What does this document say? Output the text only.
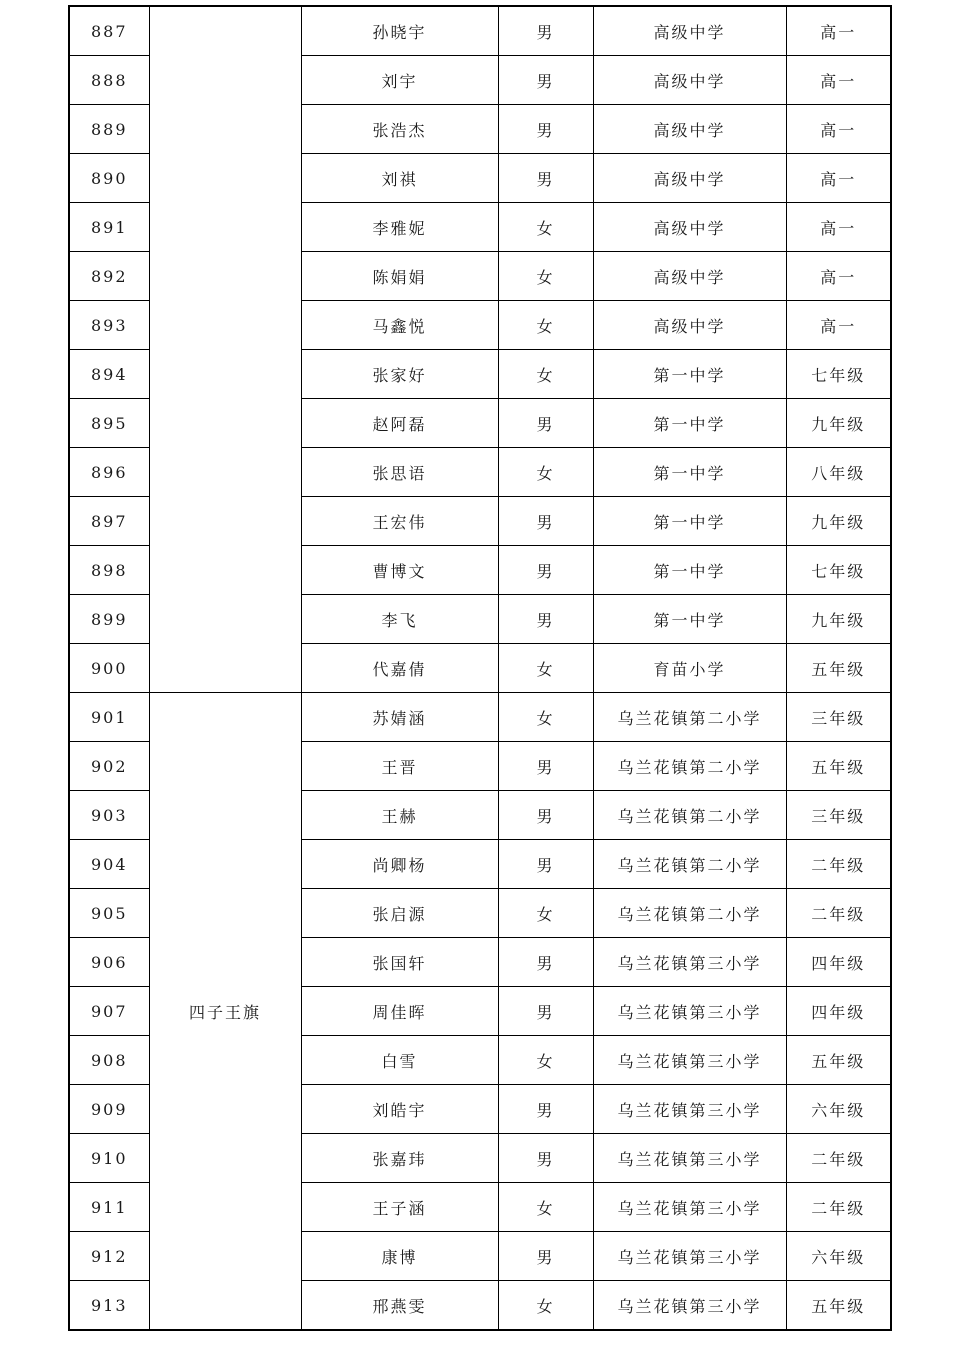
887		孙晓宇	男	高级中学	高一
888		刘宇	男	高级中学	高一
889		张浩杰	男	高级中学	高一
890		刘祺	男	高级中学	高一
891		李雅妮	女	高级中学	高一
892		陈娟娟	女	高级中学	高一
893		马鑫悦	女	高级中学	高一
894		张家好	女	第一中学	七年级
895		赵阿磊	男	第一中学	九年级
896		张思语	女	第一中学	八年级
897		王宏伟	男	第一中学	九年级
898		曹博文	男	第一中学	七年级
899		李飞	男	第一中学	九年级
900		代嘉倩	女	育苗小学	五年级
901	四子王旗	苏婧涵	女	乌兰花镇第二小学	三年级
902		王晋	男	乌兰花镇第二小学	五年级
903		王赫	男	乌兰花镇第二小学	三年级
904		尚卿杨	男	乌兰花镇第二小学	二年级
905		张启源	女	乌兰花镇第二小学	二年级
906		张国轩	男	乌兰花镇第三小学	四年级
907		周佳晖	男	乌兰花镇第三小学	四年级
908		白雪	女	乌兰花镇第三小学	五年级
909		刘皓宇	男	乌兰花镇第三小学	六年级
910		张嘉玮	男	乌兰花镇第三小学	二年级
911		王子涵	女	乌兰花镇第三小学	二年级
912		康博	男	乌兰花镇第三小学	六年级
913		邢燕雯	女	乌兰花镇第三小学	五年级
